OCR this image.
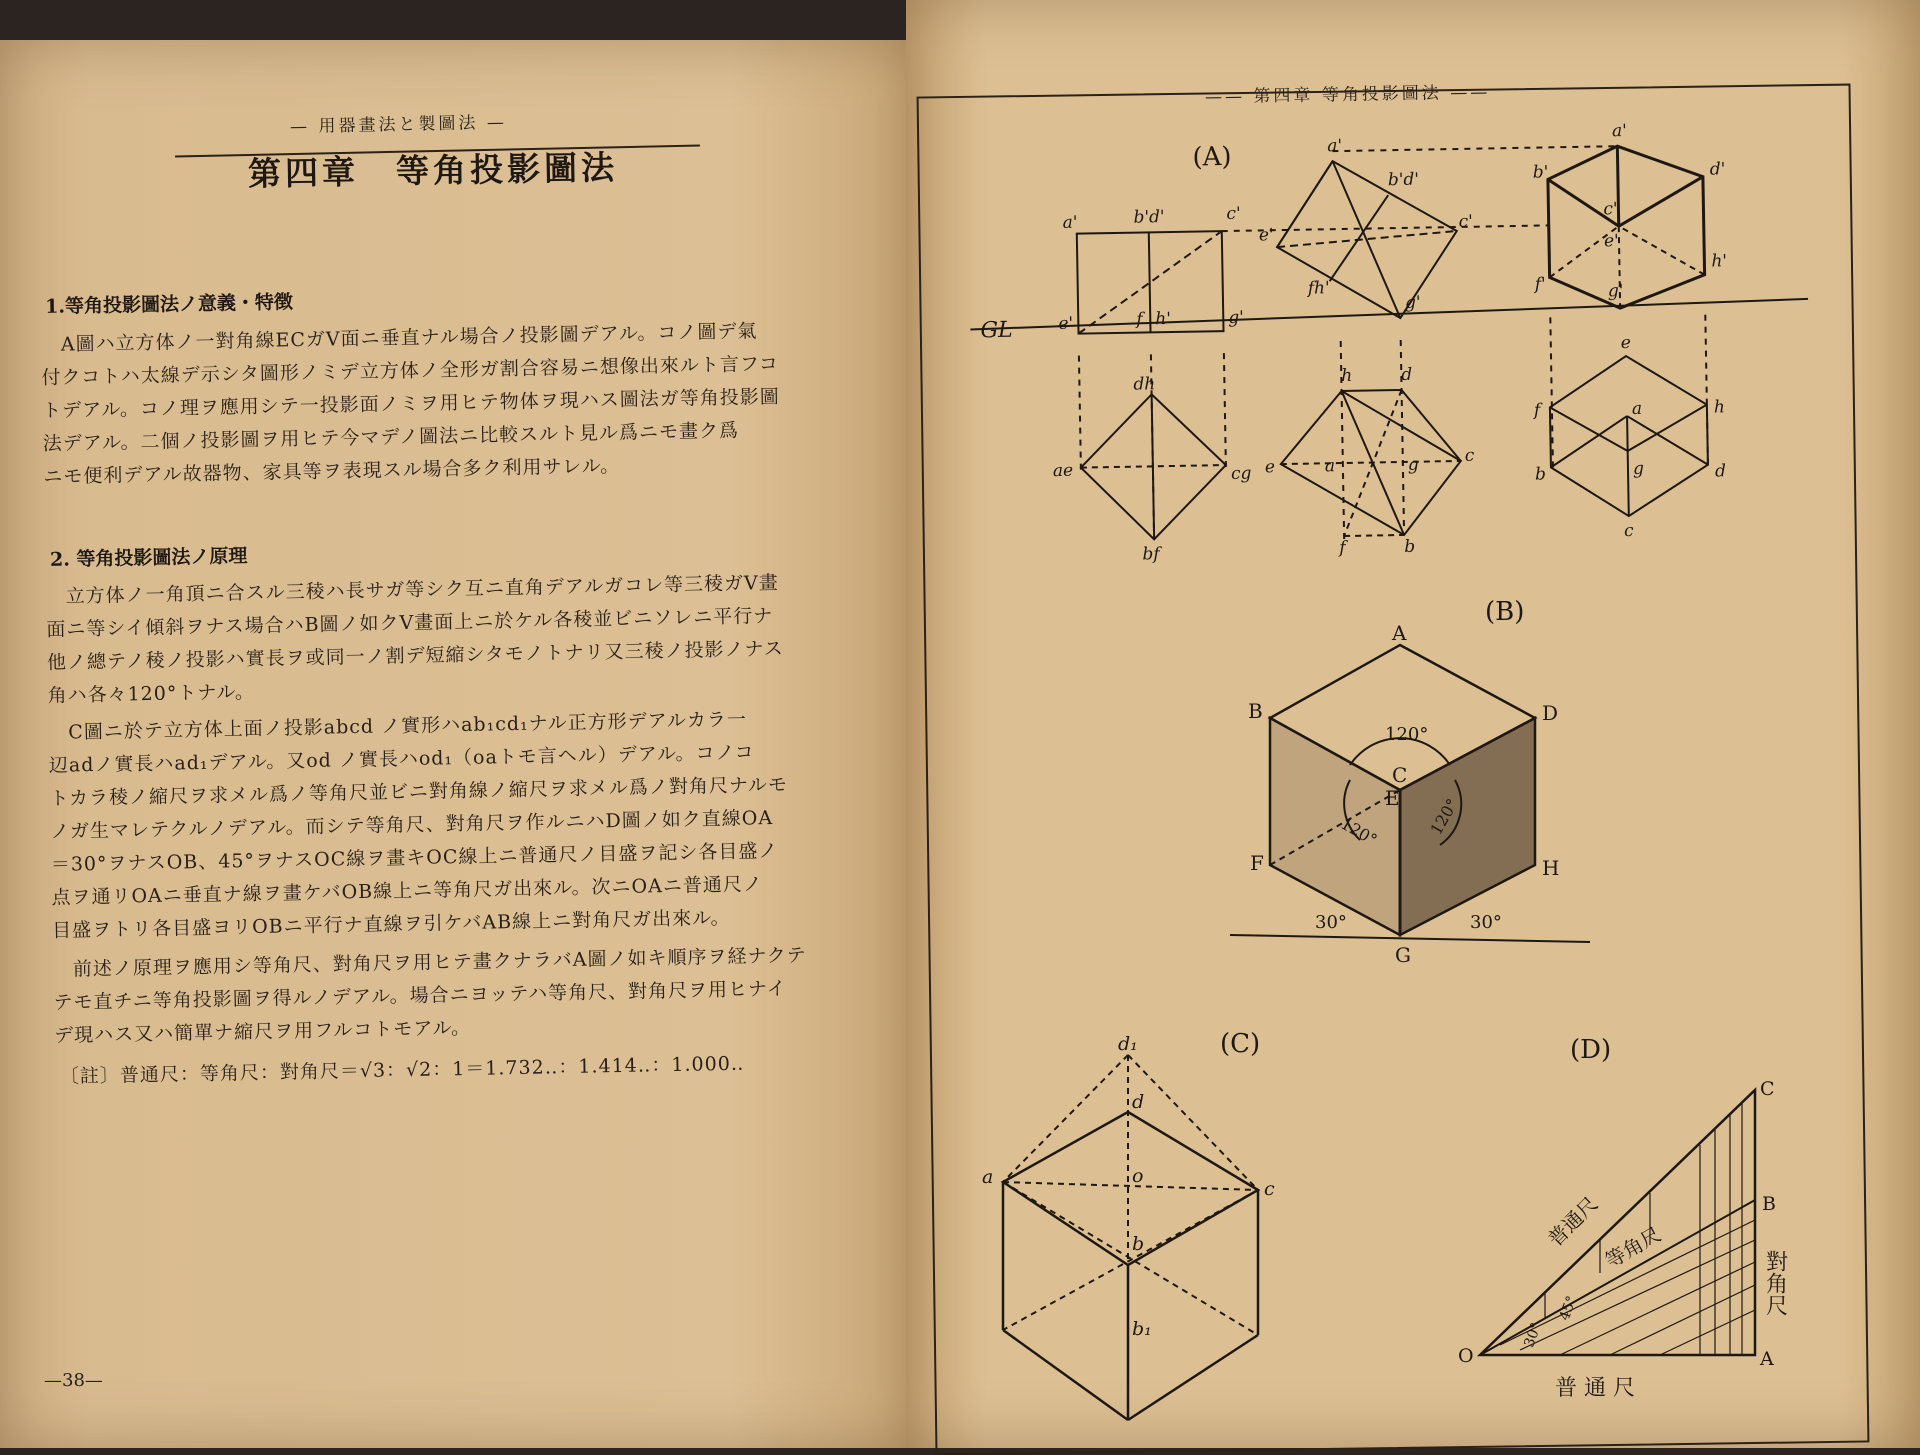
— 用器畫法と製圖法 —
第四章　等角投影圖法
1.等角投影圖法ノ意義・特徴
A圖ハ立方体ノ一對角線ECガV面ニ垂直ナル場合ノ投影圖デアル。コノ圖デ氣
付クコトハ太線デ示シタ圖形ノミデ立方体ノ全形ガ割合容易ニ想像出來ルト言フコ
トデアル。コノ理ヲ應用シテ一投影面ノミヲ用ヒテ物体ヲ現ハス圖法ガ等角投影圖
法デアル。二個ノ投影圖ヲ用ヒテ今マデノ圖法ニ比較スルト見ル爲ニモ畫ク爲
ニモ便利デアル故器物、家具等ヲ表現スル場合多ク利用サレル。
2. 等角投影圖法ノ原理
立方体ノ一角頂ニ合スル三稜ハ長サガ等シク互ニ直角デアルガコレ等三稜ガV畫
面ニ等シイ傾斜ヲナス場合ハB圖ノ如クV畫面上ニ於ケル各稜並ビニソレニ平行ナ
他ノ總テノ稜ノ投影ハ實長ヲ或同一ノ割デ短縮シタモノトナリ又三稜ノ投影ノナス
角ハ各々120°トナル。
C圖ニ於テ立方体上面ノ投影abcd ノ實形ハab₁cd₁ナル正方形デアルカラ一
辺adノ實長ハad₁デアル。又od ノ實長ハod₁（oaトモ言ヘル）デアル。コノコ
トカラ稜ノ縮尺ヲ求メル爲ノ等角尺並ビニ對角線ノ縮尺ヲ求メル爲ノ對角尺ナルモ
ノガ生マレテクルノデアル。而シテ等角尺、對角尺ヲ作ルニハD圖ノ如ク直線OA
＝30°ヲナスOB、45°ヲナスOC線ヲ畫キOC線上ニ普通尺ノ目盛ヲ記シ各目盛ノ
点ヲ通リOAニ垂直ナ線ヲ畫ケバOB線上ニ等角尺ガ出來ル。次ニOAニ普通尺ノ
目盛ヲトリ各目盛ヨリOBニ平行ナ直線ヲ引ケバAB線上ニ對角尺ガ出來ル。
前述ノ原理ヲ應用シ等角尺、對角尺ヲ用ヒテ畫クナラバA圖ノ如キ順序ヲ経ナクテ
テモ直チニ等角投影圖ヲ得ルノデアル。場合ニヨッテハ等角尺、對角尺ヲ用ヒナイ
デ現ハス又ハ簡單ナ縮尺ヲ用フルコトモアル。
〔註〕普通尺：等角尺：對角尺＝√3：√2：1＝1.732‥：1.414‥：1.000‥
—38—
—— 第四章 等角投影圖法 ——
(A)
GL
a'	b'd'	c'
e'	f h'	g'
a'
b'd'
c'
e'
fh'
g'
a'
b'	d'
c'
e'
f'
h'
g'
dh
ae	cg
bf
h	d
e	a	g	c
f	b
e
f	h
a
b	g	d
c
(B)
A
B
C
D
E
F
G
H
120°
120°	120°
30°	30°
(C)
d₁
d
a	o
c
b
b₁
(D)
C
B
O	A
普通尺
等角尺
對角尺
30°
45°
普 通 尺
